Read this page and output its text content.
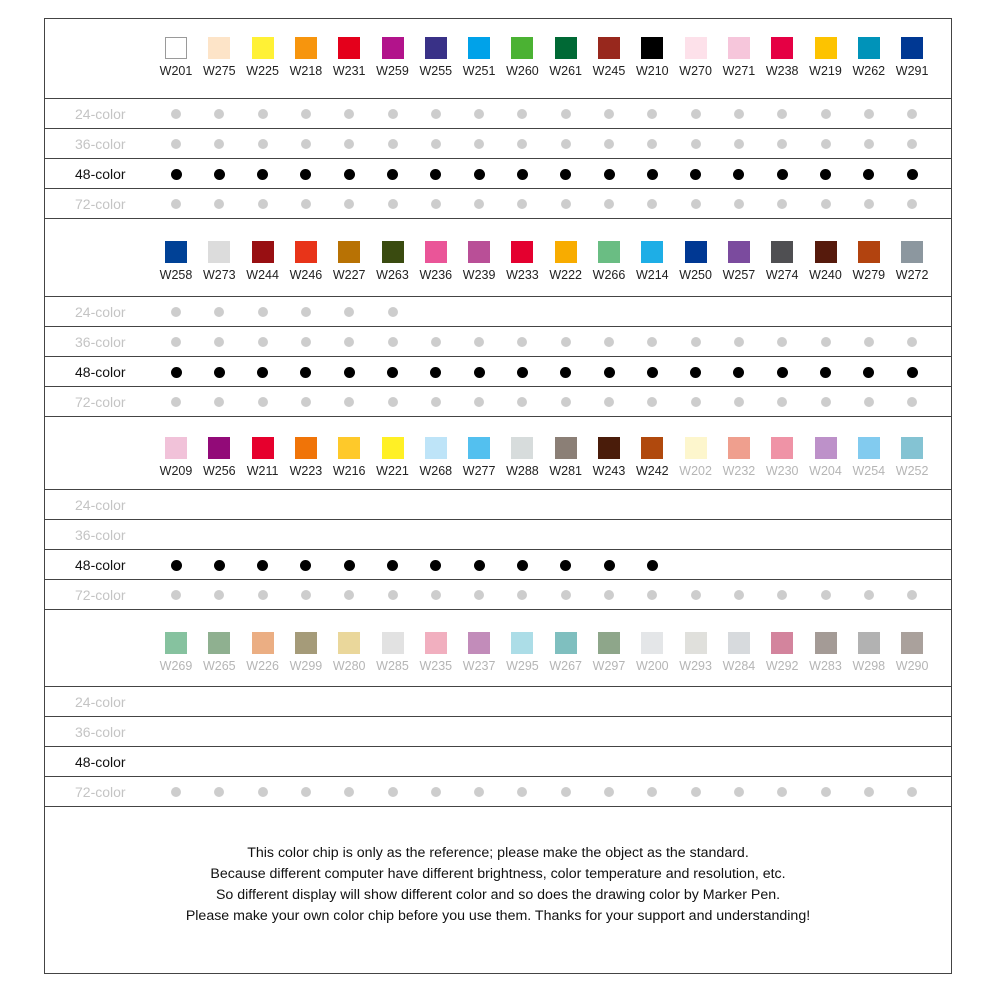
This color chip is only as the reference; please make the object as the standard.
Because different computer have different brightness, color temperature and resolution, etc.
So different display will show different color and so does the drawing color by Marker Pen.
Please make your own color chip before you use them. Thanks for your support and understanding!
W201 W275 W225 W218 W231 W259 W255 W251 W260 W261 W245 W210 W270 W271 W238 W219 W262 W291
24-color
36-color
48-color
72-color
W258 W273 W244 W246 W227 W263 W236 W239 W233 W222 W266 W214 W250 W257 W274 W240 W279 W272
24-color
36-color
48-color
72-color
W209 W256 W211 W223 W216 W221 W268 W277 W288 W281 W243 W242 W202 W232 W230 W204 W254 W252
24-color
36-color
48-color
72-color
W269 W265 W226 W299 W280 W285 W235 W237 W295 W267 W297 W200 W293 W284 W292 W283 W298 W290
24-color
36-color
48-color
72-color
